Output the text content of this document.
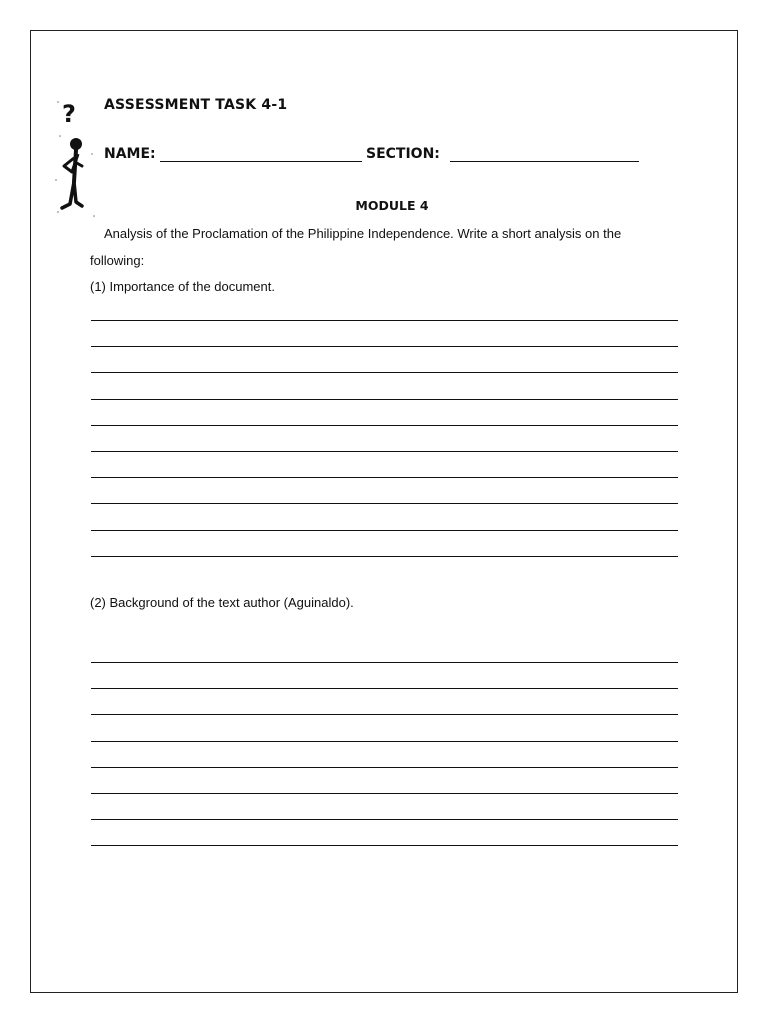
? ASSESSMENT TASK 4-1
NAME:	SECTION:
MODULE 4
Analysis of the Proclamation of the Philippine Independence. Write a short analysis on the
following:
(1) Importance of the document.
(2) Background of the text author (Aguinaldo).
